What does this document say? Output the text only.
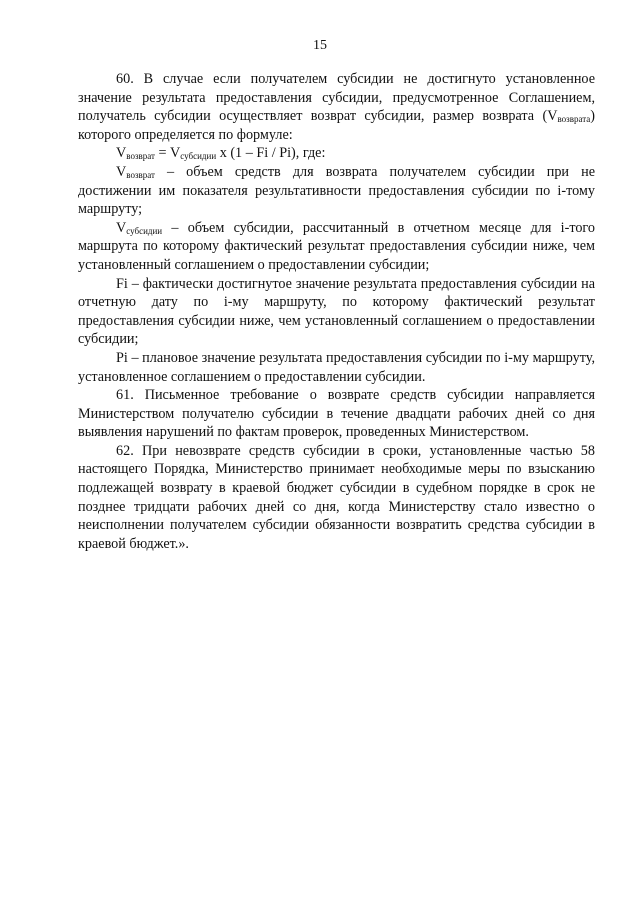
15

60. В случае если получателем субсидии не достигнуто установленное значение результата предоставления субсидии, предусмотренное Соглашением, получатель субсидии осуществляет возврат субсидии, размер возврата $(V_{возврата})$ которого определяется по формуле:

$V_{возврат} = V_{субсидии}$ x (1 – Fi / Pi), где:

$V_{возврат}$ – объем средств для возврата получателем субсидии при не достижении им показателя результативности предоставления субсидии по i-тому маршруту;

$V_{субсидии}$ – объем субсидии, рассчитанный в отчетном месяце для i-того маршрута по которому фактический результат предоставления субсидии ниже, чем установленный соглашением о предоставлении субсидии;

Fi – фактически достигнутое значение результата предоставления субсидии на отчетную дату по i-му маршруту, по которому фактический результат предоставления субсидии ниже, чем установленный соглашением о предоставлении субсидии;

Pi – плановое значение результата предоставления субсидии по i-му маршруту, установленное соглашением о предоставлении субсидии.

61. Письменное требование о возврате средств субсидии направляется Министерством получателю субсидии в течение двадцати рабочих дней со дня выявления нарушений по фактам проверок, проведенных Министерством.

62. При невозврате средств субсидии в сроки, установленные частью 58 настоящего Порядка, Министерство принимает необходимые меры по взысканию подлежащей возврату в краевой бюджет субсидии в судебном порядке в срок не позднее тридцати рабочих дней со дня, когда Министерству стало известно о неисполнении получателем субсидии обязанности возвратить средства субсидии в краевой бюджет.».
